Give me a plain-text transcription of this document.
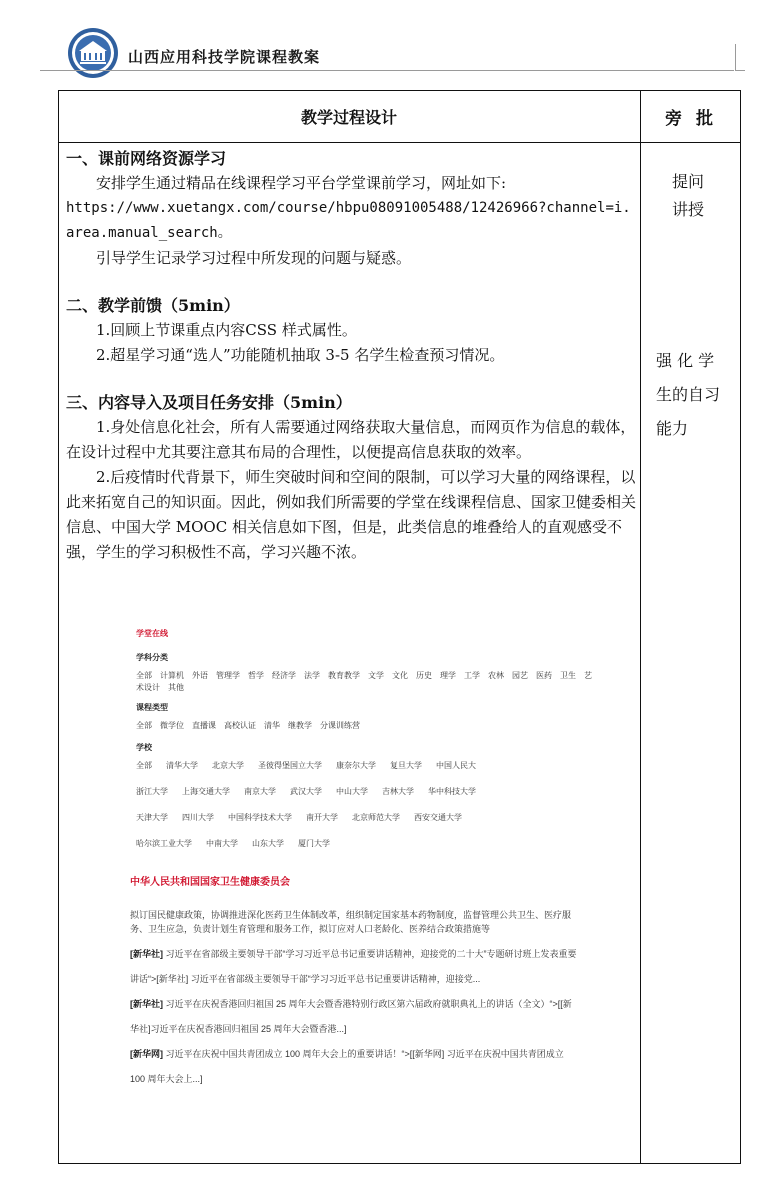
山西应用科技学院课程教案
教学过程设计	旁 批

一、课前网络资源学习

安排学生通过精品在线课程学习平台学堂课前学习，网址如下:

https://www.xuetangx.com/course/hbpu08091005488/12426966?channel=i.area.manual_search。

引导学生记录学习过程中所发现的问题与疑惑。

二、教学前馈（5min）

1.回顾上节课重点内容CSS 样式属性。

2.超星学习通“选人”功能随机抽取 3-5 名学生检查预习情况。

三、内容导入及项目任务安排（5min）

1.身处信息化社会，所有人需要通过网络获取大量信息，而网页作为信息的载体，在设计过程中尤其要注意其布局的合理性，以便提高信息获取的效率。

2.后疫情时代背景下，师生突破时间和空间的限制，可以学习大量的网络课程，以此来拓宽自己的知识面。因此，例如我们所需要的学堂在线课程信息、国家卫健委相关信息、中国大学 MOOC 相关信息如下图，但是，此类信息的堆叠给人的直观感受不强，学生的学习积极性不高，学习兴趣不浓。

提问
讲授
强 化 学
生的自习
能力
学堂在线
学科分类
全部 计算机 外语 管理学 哲学 经济学 法学 教育教学 文学 文化 历史 理学 工学 农林 园艺 医药 卫生 艺术设计 其他
课程类型
全部 微学位 直播课 高校认证 清华 继教学 分课训练营
学校
全部 清华大学 北京大学 圣彼得堡国立大学 康奈尔大学 复旦大学 中国人民大
浙江大学 上海交通大学 南京大学 武汉大学 中山大学 吉林大学 华中科技大学
天津大学 四川大学 中国科学技术大学 南开大学 北京师范大学 西安交通大学
哈尔滨工业大学 中南大学 山东大学 厦门大学
中华人民共和国国家卫生健康委员会

拟订国民健康政策，协调推进深化医药卫生体制改革，组织制定国家基本药物制度，监督管理公共卫生、医疗服务、卫生应急，负责计划生育管理和服务工作，拟订应对人口老龄化、医养结合政策措施等

[新华社] 习近平在省部级主要领导干部“学习习近平总书记重要讲话精神，迎接党的二十大”专题研讨班上发表重要讲话“>[新华社] 习近平在省部级主要领导干部“学习习近平总书记重要讲话精神，迎接党...

[新华社] 习近平在庆祝香港回归祖国 25 周年大会暨香港特别行政区第六届政府就职典礼上的讲话（全文）“>[[新华社]习近平在庆祝香港回归祖国 25 周年大会暨香港...]

[新华网] 习近平在庆祝中国共青团成立 100 周年大会上的重要讲话！“>[[新华网] 习近平在庆祝中国共青团成立 100 周年大会上...]
